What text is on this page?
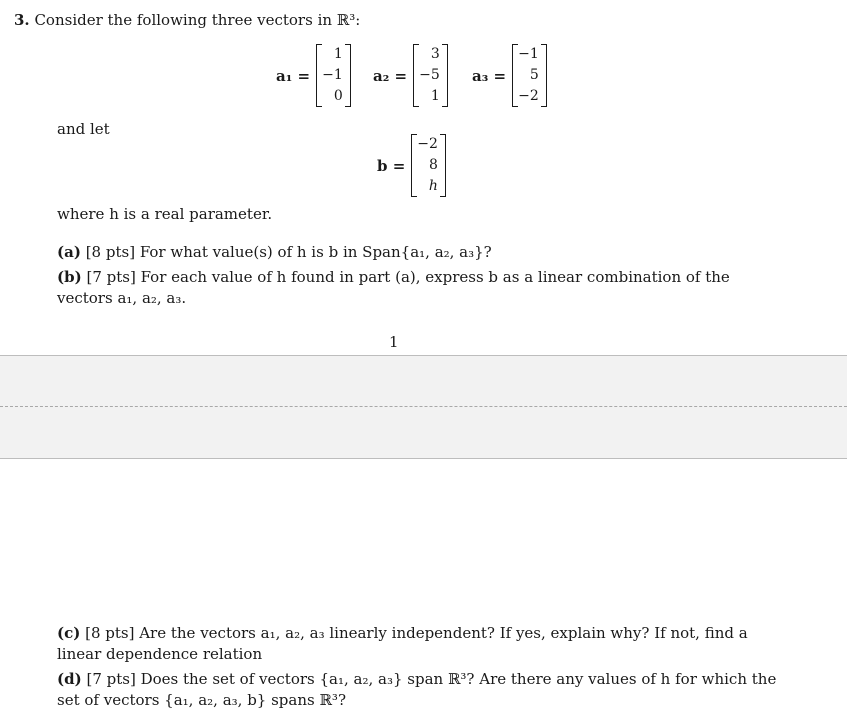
3. Consider the following three vectors in ℝ³:
a₁ =
1
−1
0
a₂ =
3
−5
1
a₃ =
−1
5
−2
and let
b =
−2
8
h
where h is a real parameter.
(a) [8 pts] For what value(s) of h is b in Span{a₁, a₂, a₃}?
(b) [7 pts] For each value of h found in part (a), express b as a linear combination of the vectors a₁, a₂, a₃.
1
(c) [8 pts] Are the vectors a₁, a₂, a₃ linearly independent? If yes, explain why? If not, find a linear dependence relation
(d) [7 pts] Does the set of vectors {a₁, a₂, a₃} span ℝ³? Are there any values of h for which the set of vectors {a₁, a₂, a₃, b} spans ℝ³?
